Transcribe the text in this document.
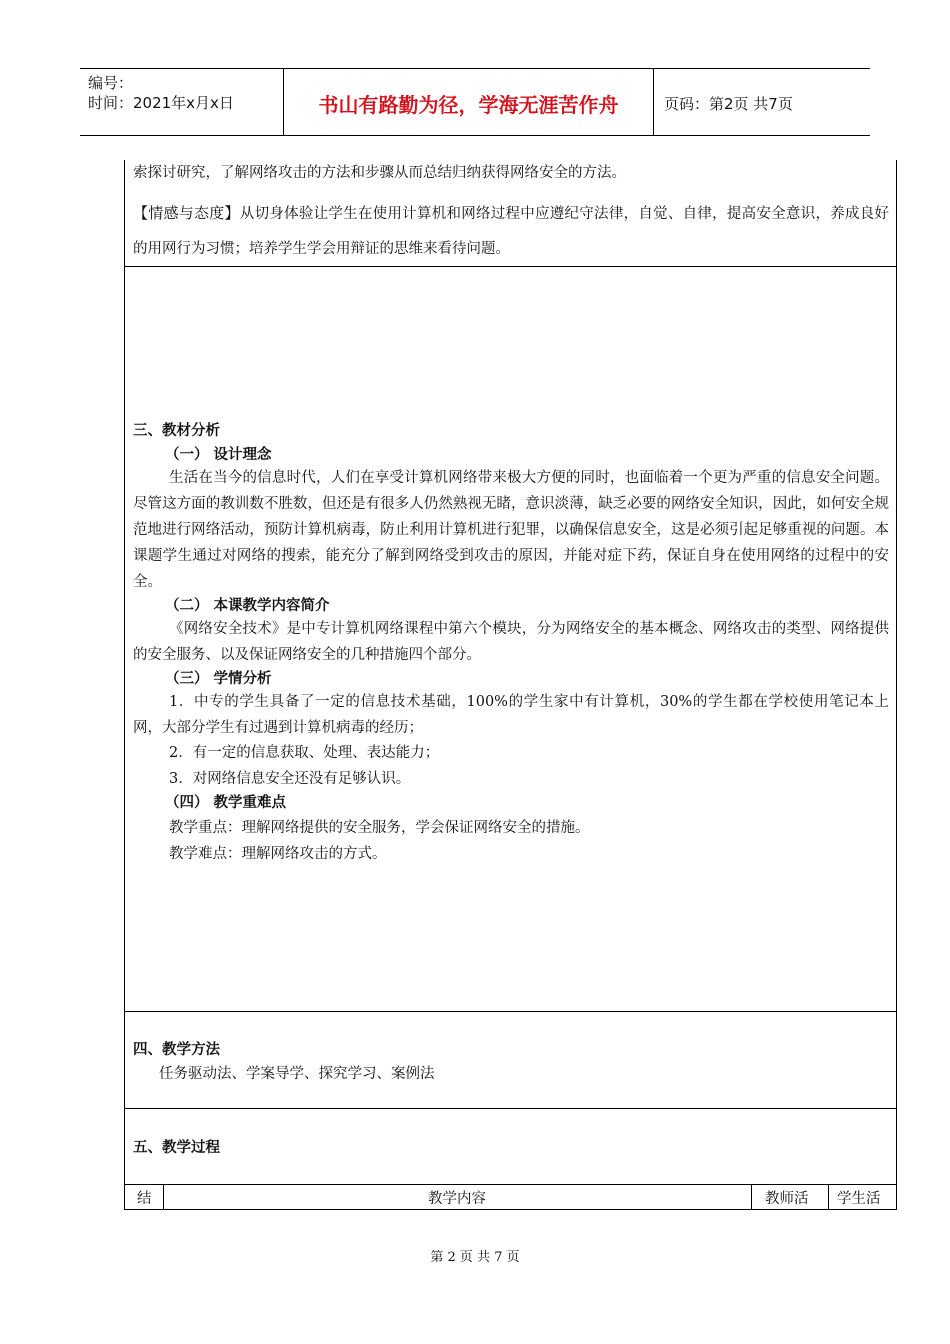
编号：
时间：2021年x月x日	书山有路勤为径，学海无涯苦作舟	页码：第2页 共7页
索探讨研究，了解网络攻击的方法和步骤从而总结归纳获得网络安全的方法。
【情感与态度】从切身体验让学生在使用计算机和网络过程中应遵纪守法律，自觉、自律，提高安全意识，养成良好的用网行为习惯；培养学生学会用辩证的思维来看待问题。
三、教材分析
（一） 设计理念
生活在当今的信息时代，人们在享受计算机网络带来极大方便的同时，也面临着一个更为严重的信息安全问题。尽管这方面的教训数不胜数，但还是有很多人仍然熟视无睹，意识淡薄，缺乏必要的网络安全知识，因此，如何安全规范地进行网络活动，预防计算机病毒，防止利用计算机进行犯罪，以确保信息安全，这是必须引起足够重视的问题。本课题学生通过对网络的搜索，能充分了解到网络受到攻击的原因，并能对症下药，保证自身在使用网络的过程中的安全。
（二） 本课教学内容简介
《网络安全技术》是中专计算机网络课程中第六个模块，分为网络安全的基本概念、网络攻击的类型、网络提供的安全服务、以及保证网络安全的几种措施四个部分。
（三） 学情分析
1．中专的学生具备了一定的信息技术基础，100%的学生家中有计算机，30%的学生都在学校使用笔记本上网，大部分学生有过遇到计算机病毒的经历；
2．有一定的信息获取、处理、表达能力；
3．对网络信息安全还没有足够认识。
（四） 教学重难点
教学重点：理解网络提供的安全服务，学会保证网络安全的措施。
教学难点：理解网络攻击的方式。
四、教学方法
任务驱动法、学案导学、探究学习、案例法
五、教学过程
结	教学内容	教师活 学生活
第 2 页 共 7 页
